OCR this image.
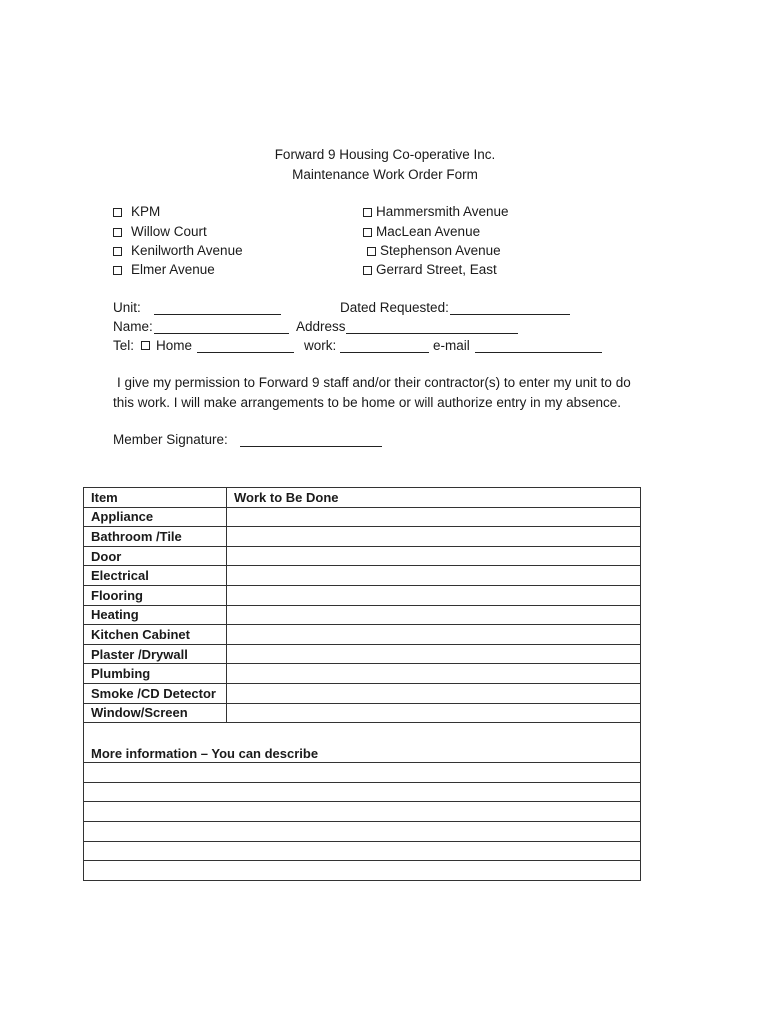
Forward 9 Housing Co-operative Inc.
Maintenance Work Order Form
KPM
Willow Court
Kenilworth Avenue
Elmer Avenue
Hammersmith Avenue
MacLean Avenue
Stephenson Avenue
Gerrard Street, East
Unit:	Dated Requested:
Name:	Address
Tel: Home	work:	e-mail
I give my permission to Forward 9 staff and/or their contractor(s) to enter my unit to do
this work. I will make arrangements to be home or will authorize entry in my absence.
Member Signature:
Item	Work to Be Done
Appliance	
Bathroom /Tile	
Door	
Electrical	
Flooring	
Heating	
Kitchen Cabinet	
Plaster /Drywall	
Plumbing	
Smoke /CD Detector	
Window/Screen	
More information – You can describe	
